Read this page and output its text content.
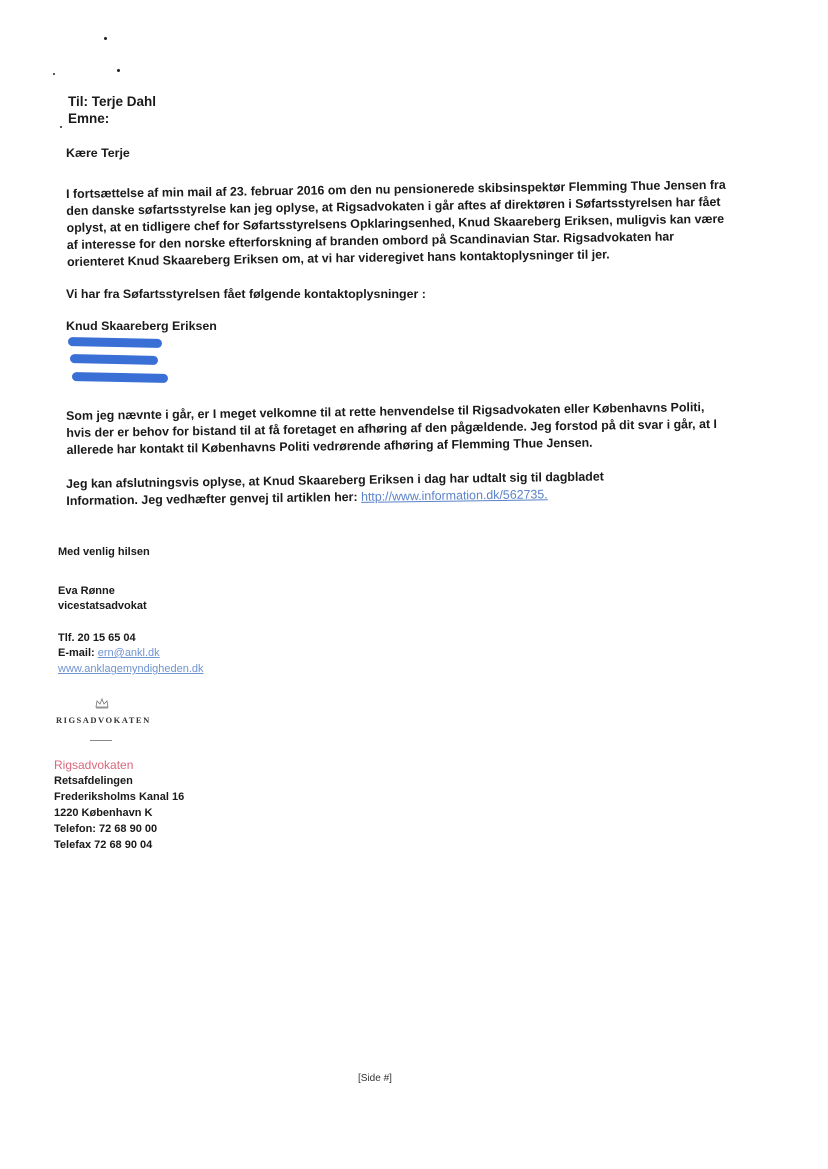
Til: Terje Dahl
Emne:

Kære Terje

I fortsættelse af min mail af 23. februar 2016 om den nu pensionerede skibsinspektør Flemming Thue Jensen fra den danske søfartsstyrelse kan jeg oplyse, at Rigsadvokaten i går aftes af direktøren i Søfartsstyrelsen har fået oplyst, at en tidligere chef for Søfartsstyrelsens Opklaringsenhed, Knud Skaareberg Eriksen, muligvis kan være af interesse for den norske efterforskning af branden ombord på Scandinavian Star. Rigsadvokaten har orienteret Knud Skaareberg Eriksen om, at vi har videregivet hans kontaktoplysninger til jer.

Vi har fra Søfartsstyrelsen fået følgende kontaktoplysninger :

Knud Skaareberg Eriksen

Som jeg nævnte i går, er I meget velkomne til at rette henvendelse til Rigsadvokaten eller Københavns Politi, hvis der er behov for bistand til at få foretaget en afhøring af den pågældende. Jeg forstod på dit svar i går, at I allerede har kontakt til Københavns Politi vedrørende afhøring af Flemming Thue Jensen.

Jeg kan afslutningsvis oplyse, at Knud Skaareberg Eriksen i dag har udtalt sig til dagbladet Information. Jeg vedhæfter genvej til artiklen her: http://www.information.dk/562735.

Med venlig hilsen
Eva Rønne
vicestatsadvokat
Tlf. 20 15 65 04
E-mail: ern@ankl.dk
www.anklagemyndigheden.dk
RIGSADVOKATEN
Rigsadvokaten
Retsafdelingen
Frederiksholms Kanal 16
1220 København K
Telefon: 72 68 90 00
Telefax 72 68 90 04
[Side #]
